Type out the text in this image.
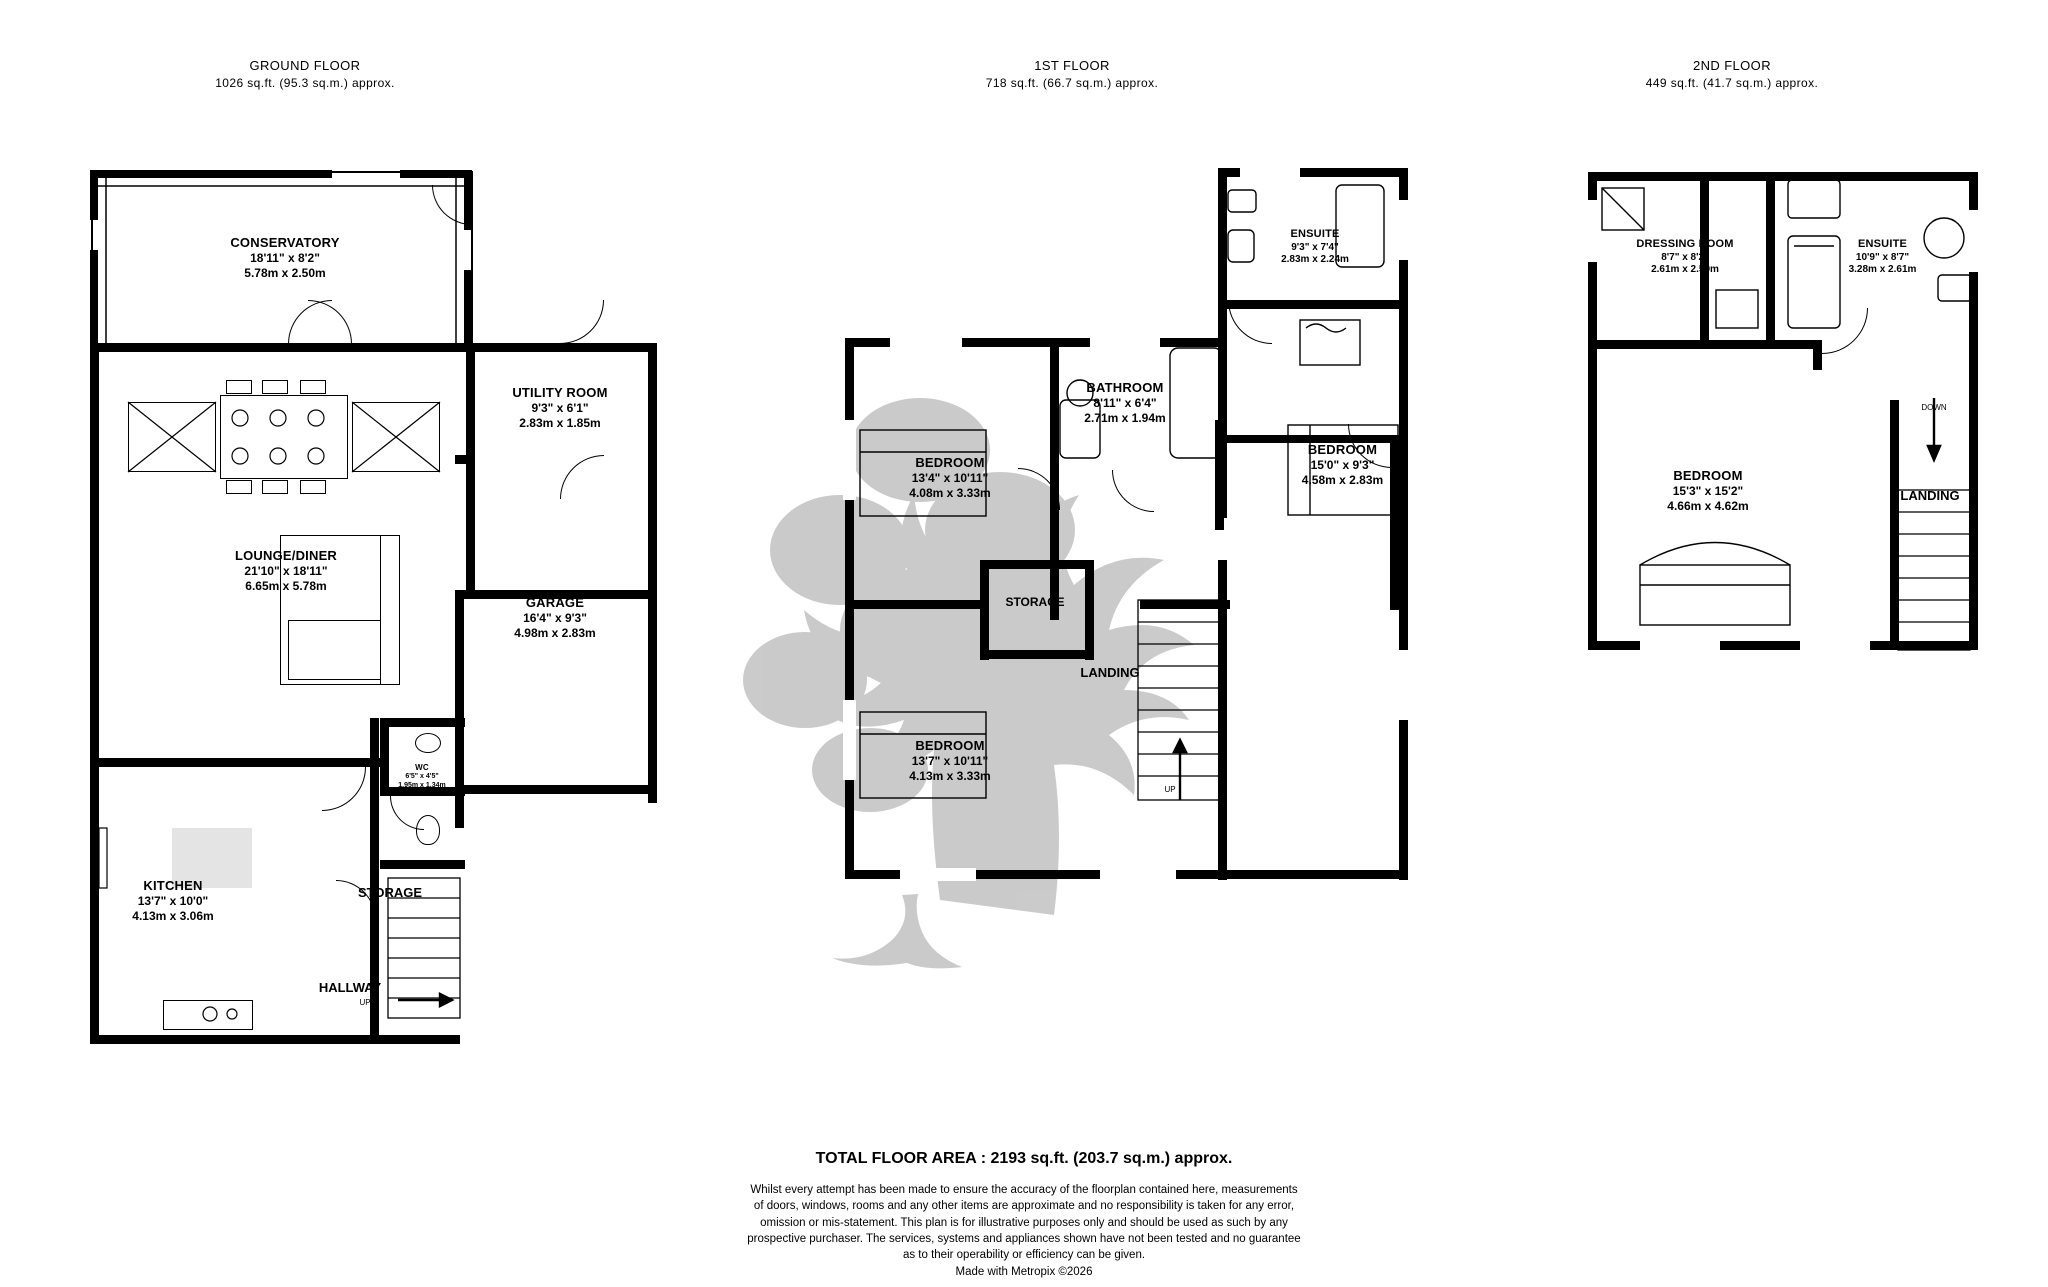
GROUND FLOOR
1026 sq.ft. (95.3 sq.m.) approx.
1ST FLOOR
718 sq.ft. (66.7 sq.m.) approx.
2ND FLOOR
449 sq.ft. (41.7 sq.m.) approx.
CONSERVATORY
18'11" x 8'2"
5.78m x 2.50m
UTILITY ROOM
9'3" x 6'1"
2.83m x 1.85m
LOUNGE/DINER
21'10" x 18'11"
6.65m x 5.78m
GARAGE
16'4" x 9'3"
4.98m x 2.83m
WC
6'5" x 4'5"
1.95m x 1.34m
KITCHEN
13'7" x 10'0"
4.13m x 3.06m
STORAGE
HALLWAY
UP
ENSUITE
9'3" x 7'4"
2.83m x 2.24m
BATHROOM
8'11" x 6'4"
2.71m x 1.94m
BEDROOM
13'4" x 10'11"
4.08m x 3.33m
BEDROOM
15'0" x 9'3"
4.58m x 2.83m
BEDROOM
13'7" x 10'11"
4.13m x 3.33m
STORAGE
LANDING
UP
DRESSING ROOM
8'7" x 8'2"
2.61m x 2.50m
ENSUITE
10'9" x 8'7"
3.28m x 2.61m
BEDROOM
15'3" x 15'2"
4.66m x 4.62m
LANDING
DOWN
TOTAL FLOOR AREA : 2193 sq.ft. (203.7 sq.m.) approx.
Whilst every attempt has been made to ensure the accuracy of the floorplan contained here, measurements
of doors, windows, rooms and any other items are approximate and no responsibility is taken for any error,
omission or mis-statement. This plan is for illustrative purposes only and should be used as such by any
prospective purchaser. The services, systems and appliances shown have not been tested and no guarantee
as to their operability or efficiency can be given.
Made with Metropix ©2026
